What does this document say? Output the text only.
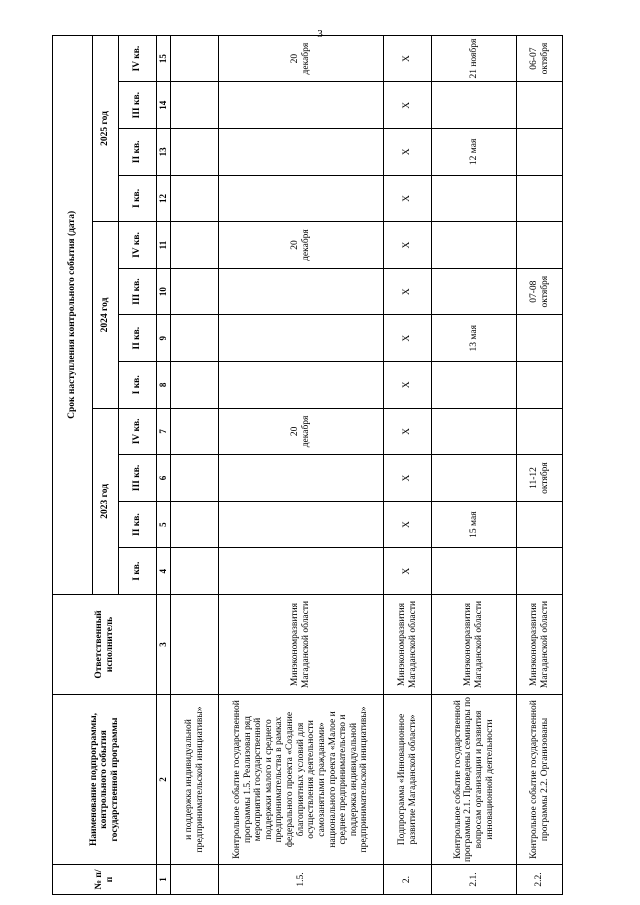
3
№ п/п	Наименование подпрограммы, контрольного события государственной программы	Ответственный исполнитель	Срок наступления контрольного события (дата)											
			2023 год				2024 год				2025 год			
			I кв.	II кв.	III кв.	IV кв.	I кв.	II кв.	III кв.	IV кв.	I кв.	II кв.	III кв.	IV кв.
1	2	3	4	5	6	7	8	9	10	11	12	13	14	15
	и поддержка индивидуальной предпринимательской инициативы»													
1.5.	Контрольное событие государственной программы 1.5. Реализован ряд мероприятий государственной поддержки малого и среднего предпринимательства в рамках федерального проекта «Создание благоприятных условий для осуществления деятельности самозанятыми гражданами» национального проекта «Малое и среднее предпринимательство и поддержка индивидуальной предпринимательской инициативы»	Минэкономразвития Магаданской области				20 декабря				20 декабря				20 декабря
2.	Подпрограмма «Инновационное развитие Магаданской области»	Минэкономразвития Магаданской области	X	X	X	X	X	X	X	X	X	X	X	X
2.1.	Контрольное событие государственной программы 2.1. Проведены семинары по вопросам организации и развития инновационной деятельности	Минэкономразвития Магаданской области		15 мая				13 мая				12 мая		21 ноября
2.2.	Контрольное событие государственной программы 2.2. Организованы	Минэкономразвития Магаданской области			11-12 октября				07-08 октября					06-07 октября
